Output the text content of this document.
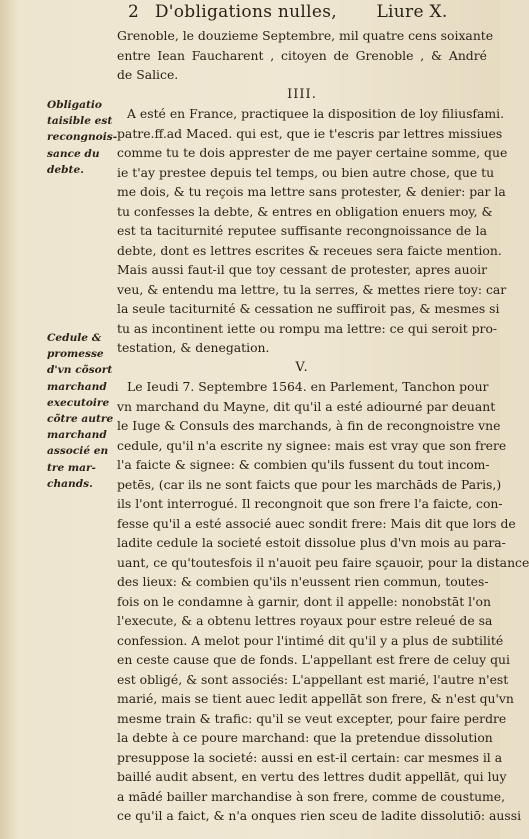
2 D'obligations nulles, Liure X.
Grenoble, le douzieme Septembre, mil quatre cens soixante
entre Iean Faucharent , citoyen de Grenoble , & André
de Salice.
IIII.
A esté en France, practiquee la disposition de loy filiusfami.
patre.ff.ad Maced. qui est, que ie t'escris par lettres missiues
comme tu te dois apprester de me payer certaine somme, que
ie t'ay prestee depuis tel temps, ou bien autre chose, que tu
me dois, & tu reçois ma lettre sans protester, & denier: par la
tu confesses la debte, & entres en obligation enuers moy, &
est ta taciturnité reputee suffisante recongnoissance de la
debte, dont es lettres escrites & receues sera faicte mention.
Mais aussi faut-il que toy cessant de protester, apres auoir
veu, & entendu ma lettre, tu la serres, & mettes riere toy: car
la seule taciturnité & cessation ne suffiroit pas, & mesmes si
tu as incontinent iette ou rompu ma lettre: ce qui seroit pro-
testation, & denegation.
V.
Le Ieudi 7. Septembre 1564. en Parlement, Tanchon pour
vn marchand du Mayne, dit qu'il a esté adiourné par deuant
le Iuge & Consuls des marchands, à fin de recongnoistre vne
cedule, qu'il n'a escrite ny signee: mais est vray que son frere
l'a faicte & signee: & combien qu'ils fussent du tout incom-
petēs, (car ils ne sont faicts que pour les marchāds de Paris,)
ils l'ont interrogué. Il recongnoit que son frere l'a faicte, con-
fesse qu'il a esté associé auec sondit frere: Mais dit que lors de
ladite cedule la societé estoit dissolue plus d'vn mois au para-
uant, ce qu'toutesfois il n'auoit peu faire sçauoir, pour la distance
des lieux: & combien qu'ils n'eussent rien commun, toutes-
fois on le condamne à garnir, dont il appelle: nonobstāt l'on
l'execute, & a obtenu lettres royaux pour estre releué de sa
confession. A melot pour l'intimé dit qu'il y a plus de subtilité
en ceste cause que de fonds. L'appellant est frere de celuy qui
est obligé, & sont associés: L'appellant est marié, l'autre n'est
marié, mais se tient auec ledit appellāt son frere, & n'est qu'vn
mesme train & trafic: qu'il se veut excepter, pour faire perdre
la debte à ce poure marchand: que la pretendue dissolution
presuppose la societé: aussi en est-il certain: car mesmes il a
baillé audit absent, en vertu des lettres dudit appellāt, qui luy
a mādé bailler marchandise à son frere, comme de coustume,
ce qu'il a faict, & n'a onques rien sceu de ladite dissolutiō: aussi
Obligatio
taisible est
recongnois-
sance du
debte.
Cedule &
promesse
d'vn cõsort
marchand
executoire
cõtre autre
marchand
associé en
tre mar-
chands.
